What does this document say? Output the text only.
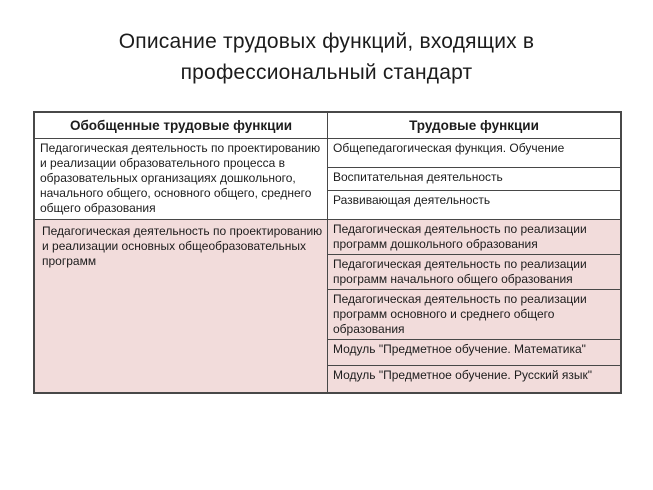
Описание трудовых функций, входящих в
профессиональный стандарт
Обобщенные трудовые функции	Трудовые функции
Педагогическая деятельность по проектированию и реализации образовательного процесса в образовательных организациях дошкольного, начального общего, основного общего, среднего общего образования	Общепедагогическая функция. Обучение
	Воспитательная деятельность
	Развивающая деятельность
Педагогическая деятельность по проектированию и реализации основных общеобразовательных программ	Педагогическая деятельность по реализации программ дошкольного образования
	Педагогическая деятельность по реализации программ начального общего образования
	Педагогическая деятельность по реализации программ основного и среднего общего образования
	Модуль "Предметное обучение. Математика"
	Модуль "Предметное обучение. Русский язык"
